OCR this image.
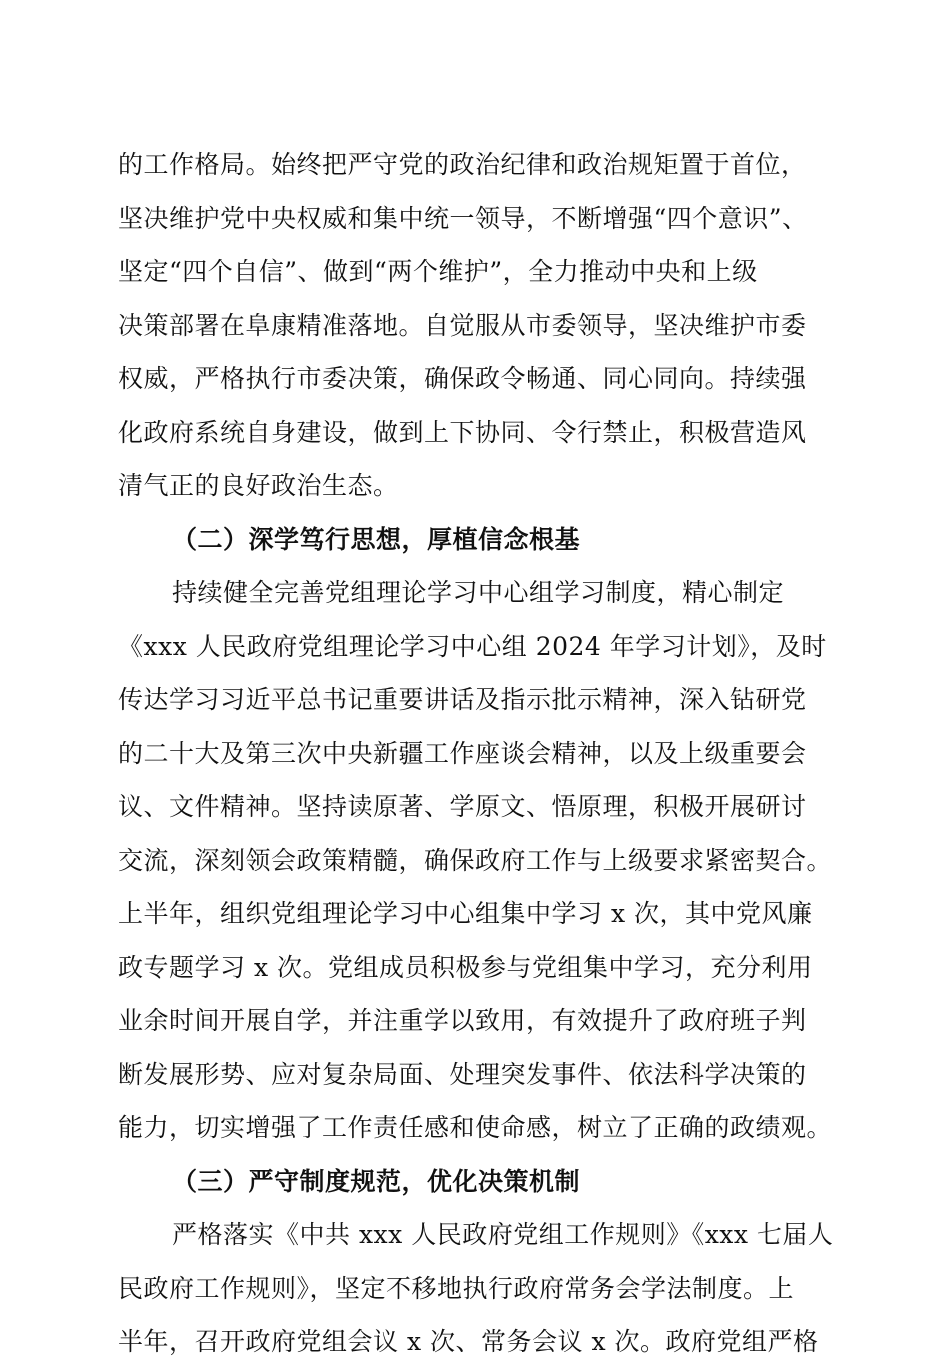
的工作格局。始终把严守党的政治纪律和政治规矩置于首位，
坚决维护党中央权威和集中统一领导，不断增强“四个意识”、
坚定“四个自信”、做到“两个维护”，全力推动中央和上级
决策部署在阜康精准落地。自觉服从市委领导，坚决维护市委
权威，严格执行市委决策，确保政令畅通、同心同向。持续强
化政府系统自身建设，做到上下协同、令行禁止，积极营造风
清气正的良好政治生态。
（二）深学笃行思想，厚植信念根基
持续健全完善党组理论学习中心组学习制度，精心制定
《xxx 人民政府党组理论学习中心组 2024 年学习计划》，及时
传达学习习近平总书记重要讲话及指示批示精神，深入钻研党
的二十大及第三次中央新疆工作座谈会精神，以及上级重要会
议、文件精神。坚持读原著、学原文、悟原理，积极开展研讨
交流，深刻领会政策精髓，确保政府工作与上级要求紧密契合。
上半年，组织党组理论学习中心组集中学习 x 次，其中党风廉
政专题学习 x 次。党组成员积极参与党组集中学习，充分利用
业余时间开展自学，并注重学以致用，有效提升了政府班子判
断发展形势、应对复杂局面、处理突发事件、依法科学决策的
能力，切实增强了工作责任感和使命感，树立了正确的政绩观。
（三）严守制度规范，优化决策机制
严格落实《中共 xxx 人民政府党组工作规则》《xxx 七届人
民政府工作规则》，坚定不移地执行政府常务会学法制度。上
半年，召开政府党组会议 x 次、常务会议 x 次。政府党组严格
